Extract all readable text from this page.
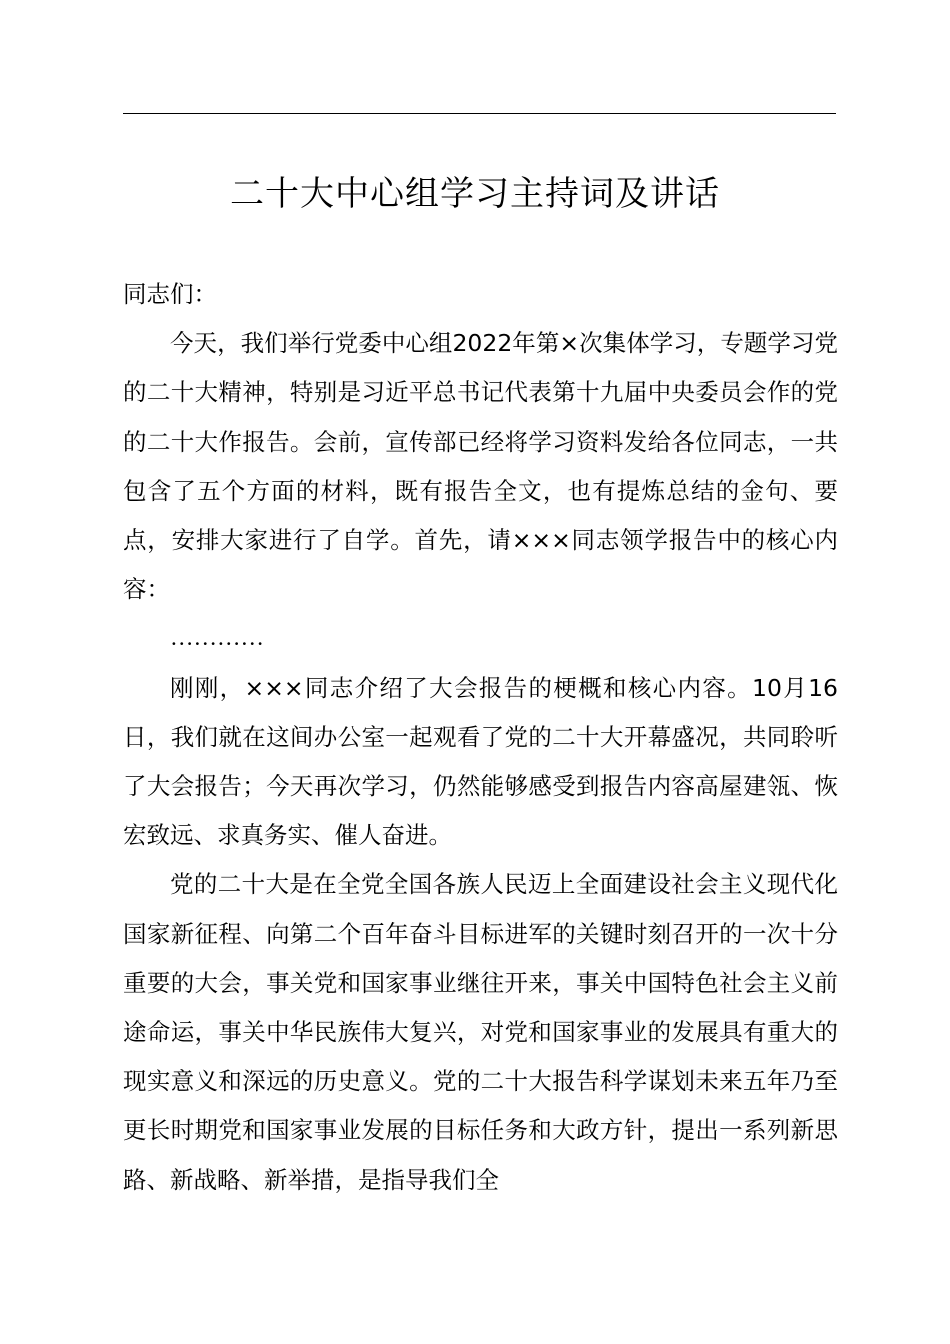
二十大中心组学习主持词及讲话

同志们：

今天，我们举行党委中心组2022年第×次集体学习，专题学习党的二十大精神，特别是习近平总书记代表第十九届中央委员会作的党的二十大作报告。会前，宣传部已经将学习资料发给各位同志，一共包含了五个方面的材料，既有报告全文，也有提炼总结的金句、要点，安排大家进行了自学。首先，请×××同志领学报告中的核心内容：

…………

刚刚，×××同志介绍了大会报告的梗概和核心内容。10月16日，我们就在这间办公室一起观看了党的二十大开幕盛况，共同聆听了大会报告；今天再次学习，仍然能够感受到报告内容高屋建瓴、恢宏致远、求真务实、催人奋进。

党的二十大是在全党全国各族人民迈上全面建设社会主义现代化国家新征程、向第二个百年奋斗目标进军的关键时刻召开的一次十分重要的大会，事关党和国家事业继往开来，事关中国特色社会主义前途命运，事关中华民族伟大复兴，对党和国家事业的发展具有重大的现实意义和深远的历史意义。党的二十大报告科学谋划未来五年乃至更长时期党和国家事业发展的目标任务和大政方针，提出一系列新思路、新战略、新举措，是指导我们全
